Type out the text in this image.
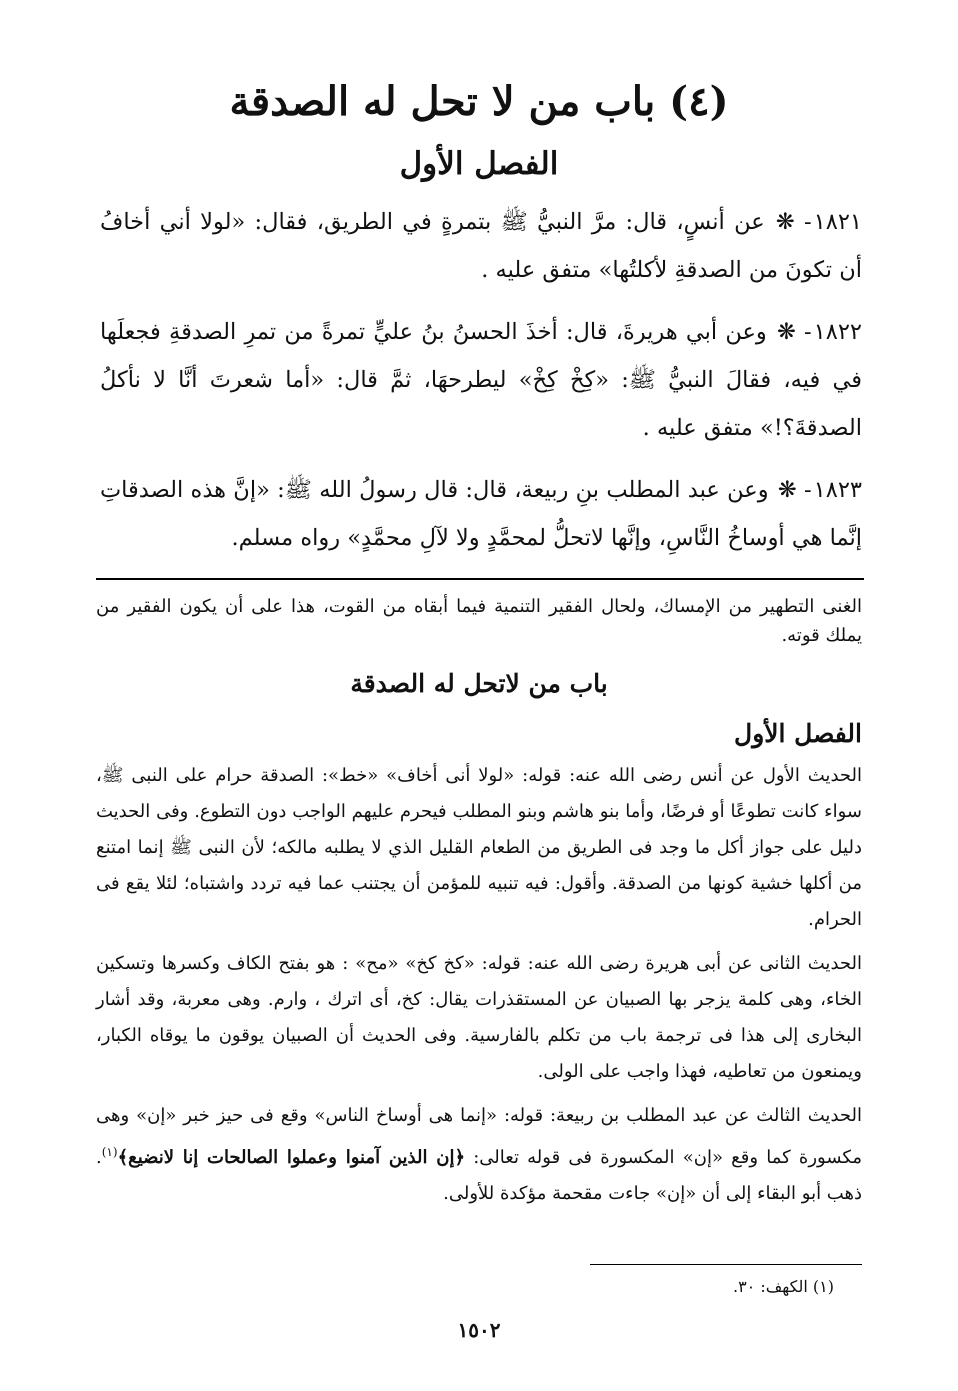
(٤) باب من لا تحل له الصدقة
الفصل الأول

١٨٢١- ❋ عن أنسٍ، قال: مرَّ النبيُّ ﷺ بتمرةٍ في الطريق، فقال: «لولا أني أخافُ أن تكونَ من الصدقةِ لأكلتُها» متفق عليه .

١٨٢٢- ❋ وعن أبي هريرةَ، قال: أخذَ الحسنُ بنُ عليٍّ تمرةً من تمرِ الصدقةِ فجعلَها في فيه، فقالَ النبيُّ ﷺ: «كِخْ كِخْ» ليطرحهَا، ثمَّ قال: «أما شعرتَ أنَّا لا نأكلُ الصدقةَ؟!» متفق عليه .

١٨٢٣- ❋ وعن عبد المطلب بنِ ربيعة، قال: قال رسولُ الله ﷺ: «إنَّ هذه الصدقاتِ إنَّما هي أوساخُ النَّاسِ، وإنَّها لاتحلُّ لمحمَّدٍ ولا لآلِ محمَّدٍ» رواه مسلم.

الغنى التطهير من الإمساك، ولحال الفقير التنمية فيما أبقاه من القوت، هذا على أن يكون الفقير من يملك قوته.

باب من لاتحل له الصدقة
الفصل الأول

الحديث الأول عن أنس رضى الله عنه: قوله: «لولا أنى أخاف» «خط»: الصدقة حرام على النبى ﷺ، سواء كانت تطوعًا أو فرضًا، وأما بنو هاشم وبنو المطلب فيحرم عليهم الواجب دون التطوع. وفى الحديث دليل على جواز أكل ما وجد فى الطريق من الطعام القليل الذي لا يطلبه مالكه؛ لأن النبى ﷺ إنما امتنع من أكلها خشية كونها من الصدقة. وأقول: فيه تنبيه للمؤمن أن يجتنب عما فيه تردد واشتباه؛ لئلا يقع فى الحرام.

الحديث الثانى عن أبى هريرة رضى الله عنه: قوله: «كخ كخ» «مح» : هو بفتح الكاف وكسرها وتسكين الخاء، وهى كلمة يزجر بها الصبيان عن المستقذرات يقال: كخ، أى اترك ، وارم. وهى معربة، وقد أشار البخارى إلى هذا فى ترجمة باب من تكلم بالفارسية. وفى الحديث أن الصبيان يوقون ما يوقاه الكبار، ويمنعون من تعاطيه، فهذا واجب على الولى.

الحديث الثالث عن عبد المطلب بن ربيعة: قوله: «إنما هى أوساخ الناس» وقع فى حيز خبر «إن» وهى مكسورة كما وقع «إن» المكسورة فى قوله تعالى: ﴿إن الذين آمنوا وعملوا الصالحات إنا لانضيع﴾$^{(١)}$. ذهب أبو البقاء إلى أن «إن» جاءت مقحمة مؤكدة للأولى.

(١) الكهف: ٣٠.

١٥٠٢
